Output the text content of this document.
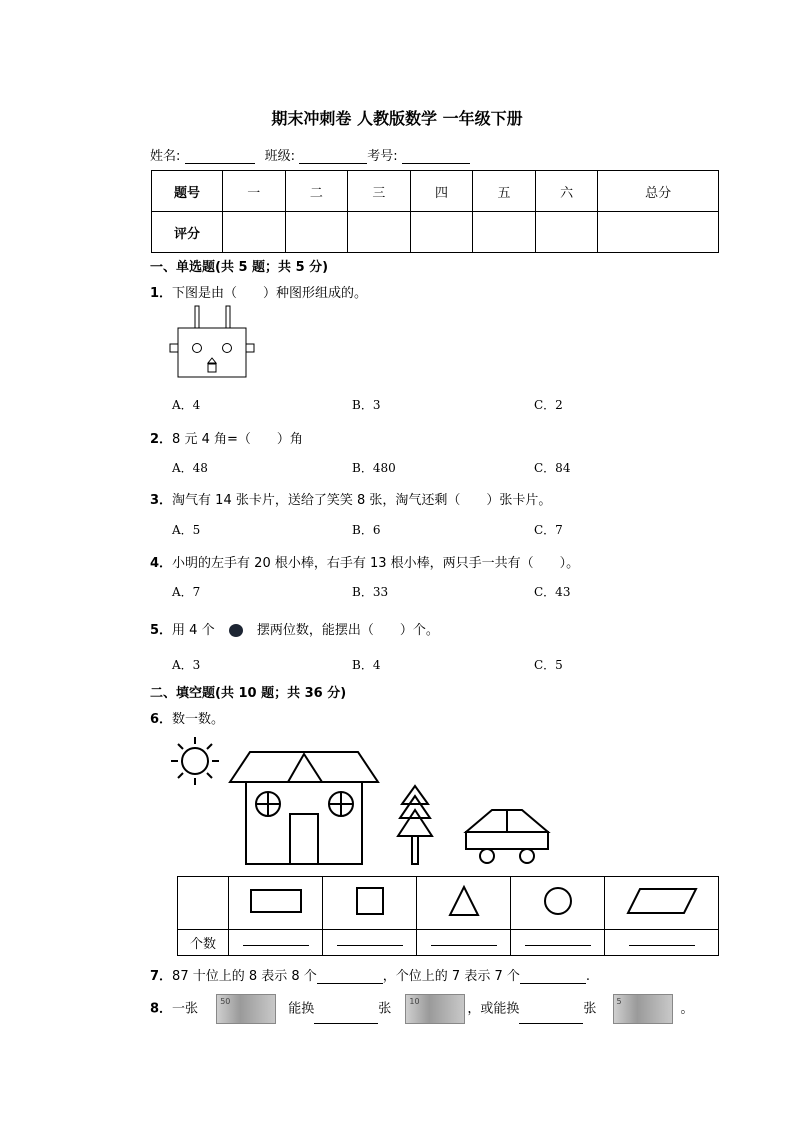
期末冲刺卷 人教版数学 一年级下册
姓名:	班级:	考号:
题号	一	二	三	四	五	六	总分
评分							
一、单选题(共 5 题；共 5 分)
1．下图是由（　　）种图形组成的。
A．4	B．3	C．2
2．8 元 4 角=（　　）角
A．48	B．480	C．84
3．淘气有 14 张卡片，送给了笑笑 8 张，淘气还剩（　　）张卡片。
A．5	B．6	C．7
4．小明的左手有 20 根小棒，右手有 13 根小棒，两只手一共有（　　）。
A．7	B．33	C．43
5．用 4 个	摆两位数，能摆出（　　）个。
A．3	B．4	C．5
二、填空题(共 10 题；共 36 分)
6．数一数。

个数					
7．87 十位上的 8 表示 8 个	，个位上的 7 表示 7 个	.
8．一张	50	能换	张 10	，或能换	张	5	。
